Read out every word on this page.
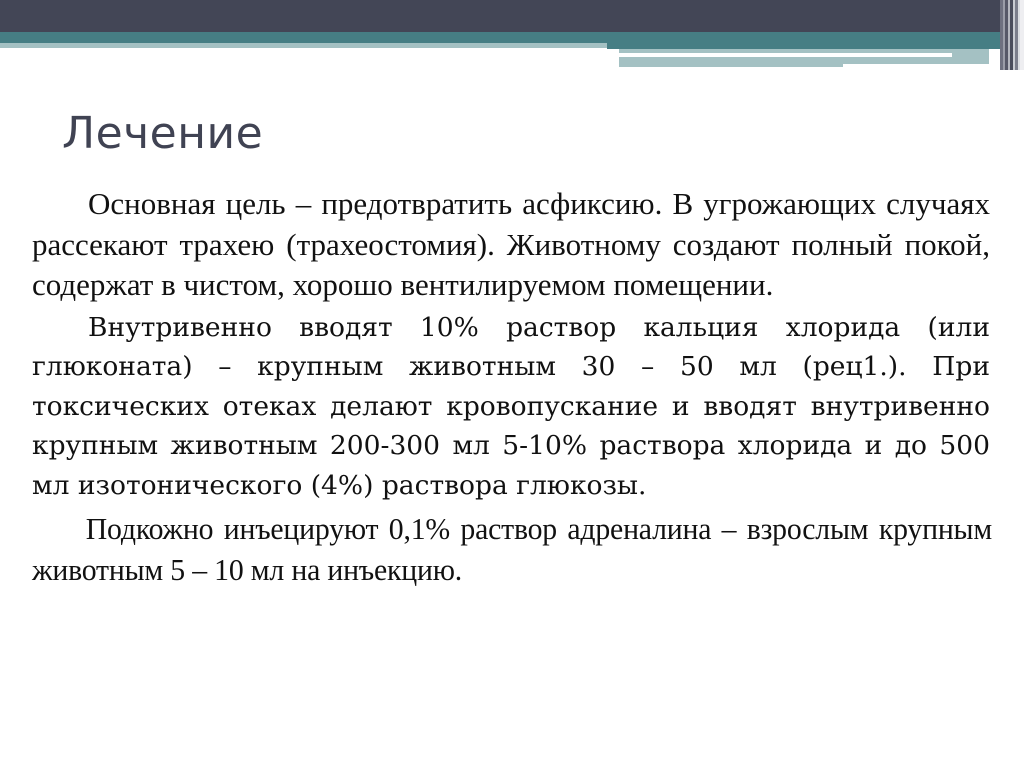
Лечение

Основная цель – предотвратить асфиксию. В угрожающих случаях рассекают трахею (трахеостомия). Животному создают полный покой, содержат в чистом, хорошо вентилируемом помещении.

Внутривенно вводят 10% раствор кальция хлорида (или глюконата) – крупным животным 30 – 50 мл (рец1.). При токсических отеках делают кровопускание и вводят внутривенно крупным животным 200-300 мл 5-10% раствора хлорида и до 500 мл изотонического (4%) раствора глюкозы.

Подкожно инъецируют 0,1% раствор адреналина – взрослым крупным животным 5 – 10 мл на инъекцию.
